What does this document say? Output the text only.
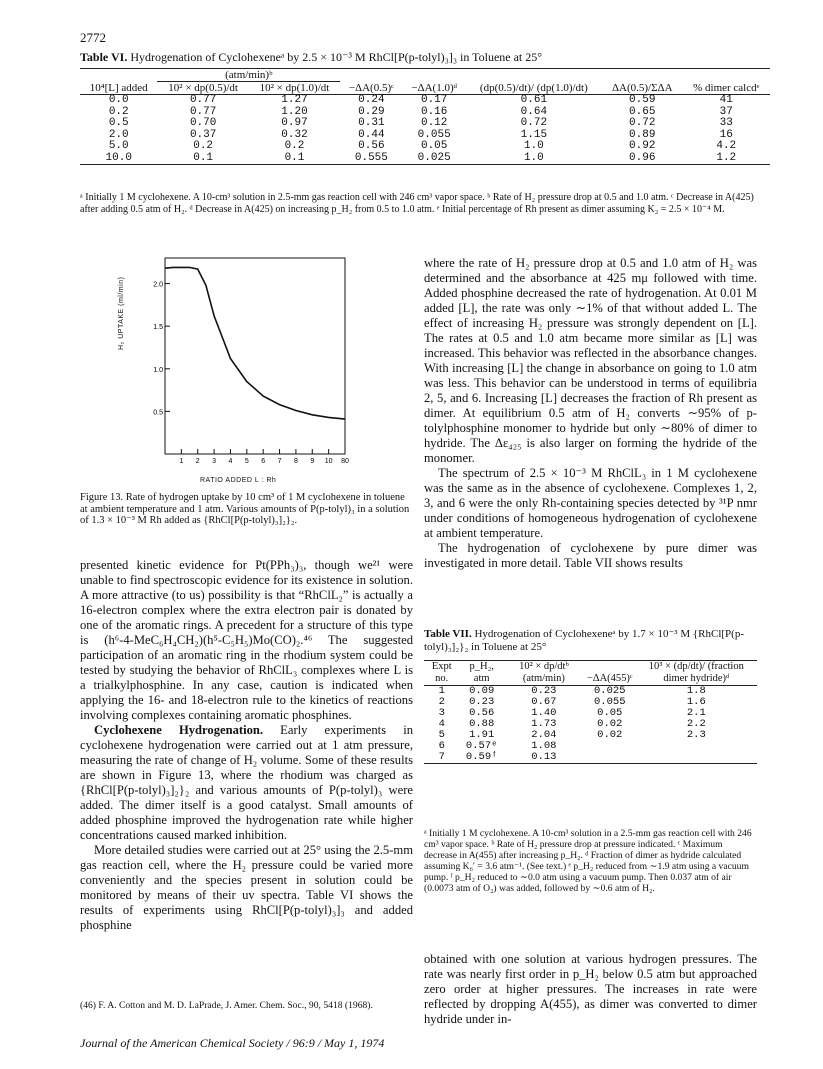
2772
Table VI. Hydrogenation of Cyclohexeneᵃ by 2.5 × 10⁻³ M RhCl[P(p-tolyl)₃]₃ in Toluene at 25°
	(atm/min)ᵇ						
10⁴[L] added	10² × dp(0.5)/dt	10² × dp(1.0)/dt	−ΔA(0.5)ᶜ	−ΔA(1.0)ᵈ	(dp(0.5)/dt)/ (dp(1.0)/dt)	ΔA(0.5)/ΣΔA	% dimer calcdᵉ
0.0	0.77	1.27	0.24	0.17	0.61	0.59	41
0.2	0.77	1.20	0.29	0.16	0.64	0.65	37
0.5	0.70	0.97	0.31	0.12	0.72	0.72	33
2.0	0.37	0.32	0.44	0.055	1.15	0.89	16
5.0	0.2	0.2	0.56	0.05	1.0	0.92	4.2
10.0	0.1	0.1	0.555	0.025	1.0	0.96	1.2
ᵃ Initially 1 M cyclohexene. A 10-cm³ solution in 2.5-mm gas reaction cell with 246 cm³ vapor space. ᵇ Rate of H₂ pressure drop at 0.5 and 1.0 atm. ᶜ Decrease in A(425) after adding 0.5 atm of H₂. ᵈ Decrease in A(425) on increasing p_H₂ from 0.5 to 1.0 atm. ᵉ Initial percentage of Rh present as dimer assuming K₂ = 2.5 × 10⁻⁴ M.
0.5
1.0
1.5
2.0
1 2 3 4 5 6 7 8 9 10 80
H₂ UPTAKE (ml/min)
RATIO ADDED L : Rh
Figure 13. Rate of hydrogen uptake by 10 cm³ of 1 M cyclohexene in toluene at ambient temperature and 1 atm. Various amounts of P(p-tolyl)₃ in a solution of 1.3 × 10⁻³ M Rh added as {RhCl[P(p-tolyl)₃]₂}₂.
presented kinetic evidence for Pt(PPh₃)₃, though we²¹ were unable to find spectroscopic evidence for its existence in solution. A more attractive (to us) possibility is that “RhClL₂” is actually a 16-electron complex where the extra electron pair is donated by one of the aromatic rings. A precedent for a structure of this type is (h⁶-4-MeC₆H₄CH₂)(h⁵-C₅H₅)Mo(CO)₂.⁴⁶ The suggested participation of an aromatic ring in the rhodium system could be tested by studying the behavior of RhClL₃ complexes where L is a trialkylphosphine. In any case, caution is indicated when applying the 16- and 18-electron rule to the kinetics of reactions involving complexes containing aromatic phosphines.
Cyclohexene Hydrogenation. Early experiments in cyclohexene hydrogenation were carried out at 1 atm pressure, measuring the rate of change of H₂ volume. Some of these results are shown in Figure 13, where the rhodium was charged as {RhCl[P(p-tolyl)₃]₂}₂ and various amounts of P(p-tolyl)₃ were added. The dimer itself is a good catalyst. Small amounts of added phosphine improved the hydrogenation rate while higher concentrations caused marked inhibition.
More detailed studies were carried out at 25° using the 2.5-mm gas reaction cell, where the H₂ pressure could be varied more conveniently and the species present in solution could be monitored by means of their uv spectra. Table VI shows the results of experiments using RhCl[P(p-tolyl)₃]₃ and added phosphine
(46) F. A. Cotton and M. D. LaPrade, J. Amer. Chem. Soc., 90, 5418 (1968).
where the rate of H₂ pressure drop at 0.5 and 1.0 atm of H₂ was determined and the absorbance at 425 mμ followed with time. Added phosphine decreased the rate of hydrogenation. At 0.01 M added [L], the rate was only ∼1% of that without added L. The effect of increasing H₂ pressure was strongly dependent on [L]. The rates at 0.5 and 1.0 atm became more similar as [L] was increased. This behavior was reflected in the absorbance changes. With increasing [L] the change in absorbance on going to 1.0 atm was less. This behavior can be understood in terms of equilibria 2, 5, and 6. Increasing [L] decreases the fraction of Rh present as dimer. At equilibrium 0.5 atm of H₂ converts ∼95% of p-tolylphosphine monomer to hydride but only ∼80% of dimer to hydride. The Δε₄₂₅ is also larger on forming the hydride of the monomer.
The spectrum of 2.5 × 10⁻³ M RhClL₃ in 1 M cyclohexene was the same as in the absence of cyclohexene. Complexes 1, 2, 3, and 6 were the only Rh-containing species detected by ³¹P nmr under conditions of homogeneous hydrogenation of cyclohexene at ambient temperature.
The hydrogenation of cyclohexene by pure dimer was investigated in more detail. Table VII shows results
Table VII. Hydrogenation of Cyclohexeneᵃ by 1.7 × 10⁻³ M {RhCl[P(p-tolyl)₃]₂}₂ in Toluene at 25°
Expt no.	p_H₂, atm	10² × dp/dtᵇ (atm/min)	−ΔA(455)ᶜ	10³ × (dp/dt)/ (fraction dimer hydride)ᵈ
1	0.09	0.23	0.025	1.8
2	0.23	0.67	0.055	1.6
3	0.56	1.40	0.05	2.1
4	0.88	1.73	0.02	2.2
5	1.91	2.04	0.02	2.3
6	0.57ᵉ	1.08		
7	0.59ᶠ	0.13		
ᵃ Initially 1 M cyclohexene. A 10-cm³ solution in a 2.5-mm gas reaction cell with 246 cm³ vapor space. ᵇ Rate of H₂ pressure drop at pressure indicated. ᶜ Maximum decrease in A(455) after increasing p_H₂. ᵈ Fraction of dimer as hydride calculated assuming K₆′ = 3.6 atm⁻¹. (See text.) ᵉ p_H₂ reduced from ∼1.9 atm using a vacuum pump. ᶠ p_H₂ reduced to ∼0.0 atm using a vacuum pump. Then 0.037 atm of air (0.0073 atm of O₂) was added, followed by ∼0.6 atm of H₂.
obtained with one solution at various hydrogen pressures. The rate was nearly first order in p_H₂ below 0.5 atm but approached zero order at higher pressures. The increases in rate were reflected by dropping A(455), as dimer was converted to dimer hydride under in-
Journal of the American Chemical Society / 96:9 / May 1, 1974
